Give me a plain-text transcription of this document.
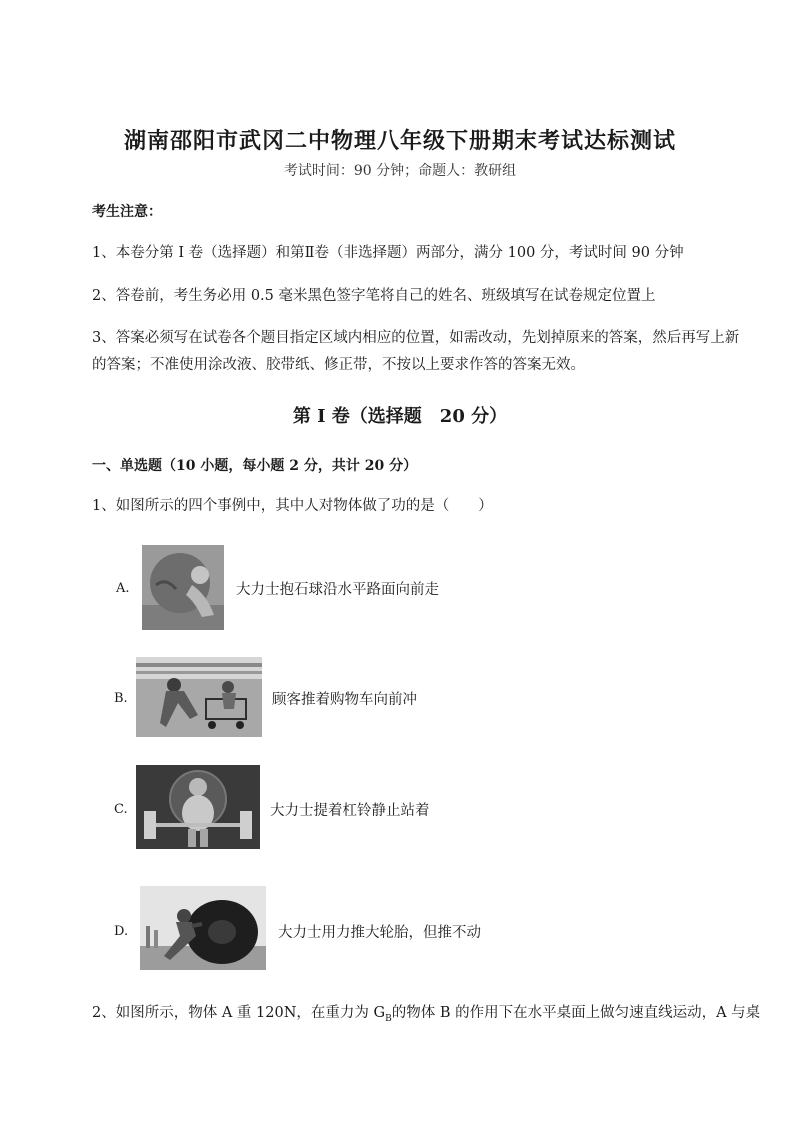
湖南邵阳市武冈二中物理八年级下册期末考试达标测试
考试时间：90 分钟；命题人：教研组
考生注意：
1、本卷分第 I 卷（选择题）和第Ⅱ卷（非选择题）两部分，满分 100 分，考试时间 90 分钟
2、答卷前，考生务必用 0.5 毫米黑色签字笔将自己的姓名、班级填写在试卷规定位置上
3、答案必须写在试卷各个题目指定区域内相应的位置，如需改动，先划掉原来的答案，然后再写上新
的答案；不准使用涂改液、胶带纸、修正带，不按以上要求作答的答案无效。
第 I 卷（选择题　20 分）
一、单选题（10 小题，每小题 2 分，共计 20 分）
1、如图所示的四个事例中，其中人对物体做了功的是（　　）
A.	大力士抱石球沿水平路面向前走
B.	顾客推着购物车向前冲
C.	大力士提着杠铃静止站着
D.	大力士用力推大轮胎，但推不动
2、如图所示，物体 A 重 120N，在重力为 $G_B$的物体 B 的作用下在水平桌面上做匀速直线运动，A 与桌
